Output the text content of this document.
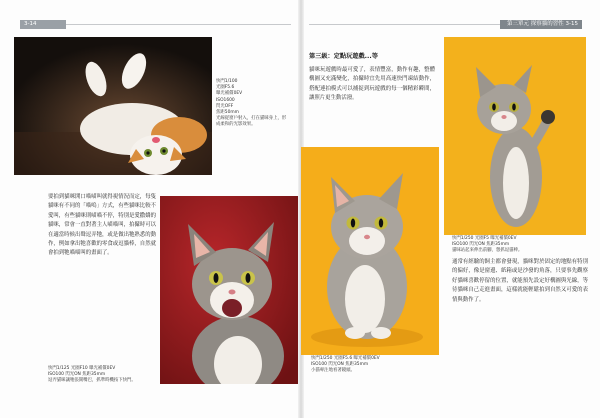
3-14	第三單元 探察貓的習性 3-15
快門1/100
光圈F5.6
曝光補償0EV
ISO1600
閃光OFF
焦距50mm
光線從窗戶射入，打在貓咪身上，形成柔和的光影效果。
要拍到貓咪開口喵喵叫就得視情況而定，每隻貓咪有不同的「喵嗚」方式，有些貓咪比較不愛叫，有些貓咪則喵喵不停，特別是愛撒嬌的貓咪，常會一直對著主人喵喵叫，拍攝時可以在適當時候出聲逗弄牠，或是做出牠熟悉的動作，例如拿出牠喜歡的零食或逗貓棒，自然就會拍到牠喵喵叫的畫面了。
快門1/125 光圈F10 曝光補償0EV
ISO100 閃光ON 焦距35mm
逗弄貓咪讓牠張開嘴巴，抓準時機按下快門。
第三級：定點玩遊戲...等
貓咪玩遊戲時最可愛了，表情豐富，動作有趣，整體構圖又充滿變化，拍攝時宜先用高速快門凍結動作，搭配連拍模式可以捕捉到玩遊戲的每一個精彩瞬間，讓照片更生動活潑。
快門1/250 光圈F5.6 曝光補償0EV
ISO100 閃光ON 焦距35mm
小貓專注地看著鏡頭。
快門1/250 光圈F5 曝光補償0EV
ISO100 閃光ON 焦距35mm
貓咪站起來伸出前腳，想抓逗貓棒。
通常有經驗的飼主都會發現，貓咪對於固定的地點有特別的偏好，像是窗邊、紙箱或是沙發的角落，只要事先觀察好貓咪喜歡停留的位置，就能預先設定好構圖與光線，等待貓咪自己走進畫面，這樣就能輕鬆拍到自然又可愛的表情與動作了。
